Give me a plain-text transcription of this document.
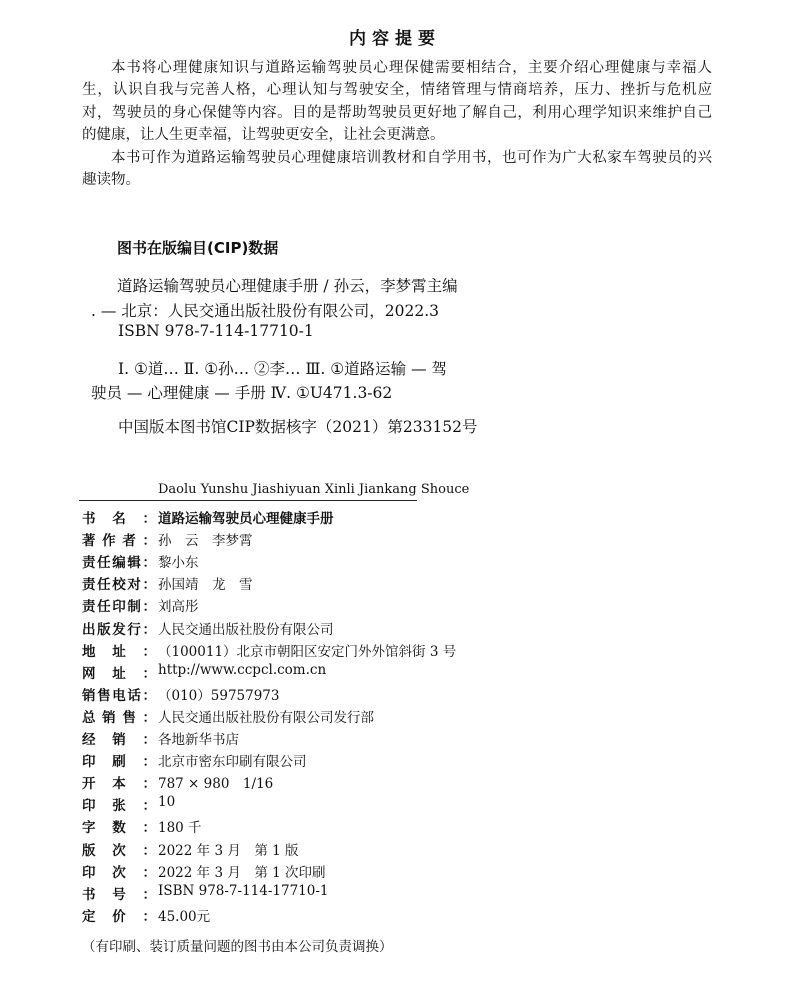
内容提要
本书将心理健康知识与道路运输驾驶员心理保健需要相结合，主要介绍心理健康与幸福人
生，认识自我与完善人格，心理认知与驾驶安全，情绪管理与情商培养，压力、挫折与危机应
对，驾驶员的身心保健等内容。目的是帮助驾驶员更好地了解自己，利用心理学知识来维护自己
的健康，让人生更幸福，让驾驶更安全，让社会更满意。
本书可作为道路运输驾驶员心理健康培训教材和自学用书，也可作为广大私家车驾驶员的兴
趣读物。
图书在版编目(CIP)数据
道路运输驾驶员心理健康手册 / 孙云，李梦霄主编
. — 北京：人民交通出版社股份有限公司，2022.3
ISBN 978-7-114-17710-1
Ⅰ. ①道… Ⅱ. ①孙… ②李… Ⅲ. ①道路运输 — 驾
驶员 — 心理健康 — 手册 Ⅳ. ①U471.3-62
中国版本图书馆CIP数据核字（2021）第233152号
Daolu Yunshu Jiashiyuan Xinli Jiankang Shouce
书 名 ： 道路运输驾驶员心理健康手册
著 作 者 ： 孙　云　李梦霄
责 任 编 辑 ： 黎小东
责 任 校 对 ： 孙国靖　龙　雪
责 任 印 制 ： 刘高彤
出 版 发 行 ： 人民交通出版社股份有限公司
地 址 ： （100011）北京市朝阳区安定门外外馆斜街 3 号
网 址 ： http://www.ccpcl.com.cn
销 售 电 话 ： （010）59757973
总 销 售 ： 人民交通出版社股份有限公司发行部
经 销 ： 各地新华书店
印 刷 ： 北京市密东印刷有限公司
开 本 ： 787 × 980　1/16
印 张 ： 10
字 数 ： 180 千
版 次 ： 2022 年 3 月　第 1 版
印 次 ： 2022 年 3 月　第 1 次印刷
书 号 ： ISBN 978-7-114-17710-1
定 价 ： 45.00元
（有印刷、装订质量问题的图书由本公司负责调换）
